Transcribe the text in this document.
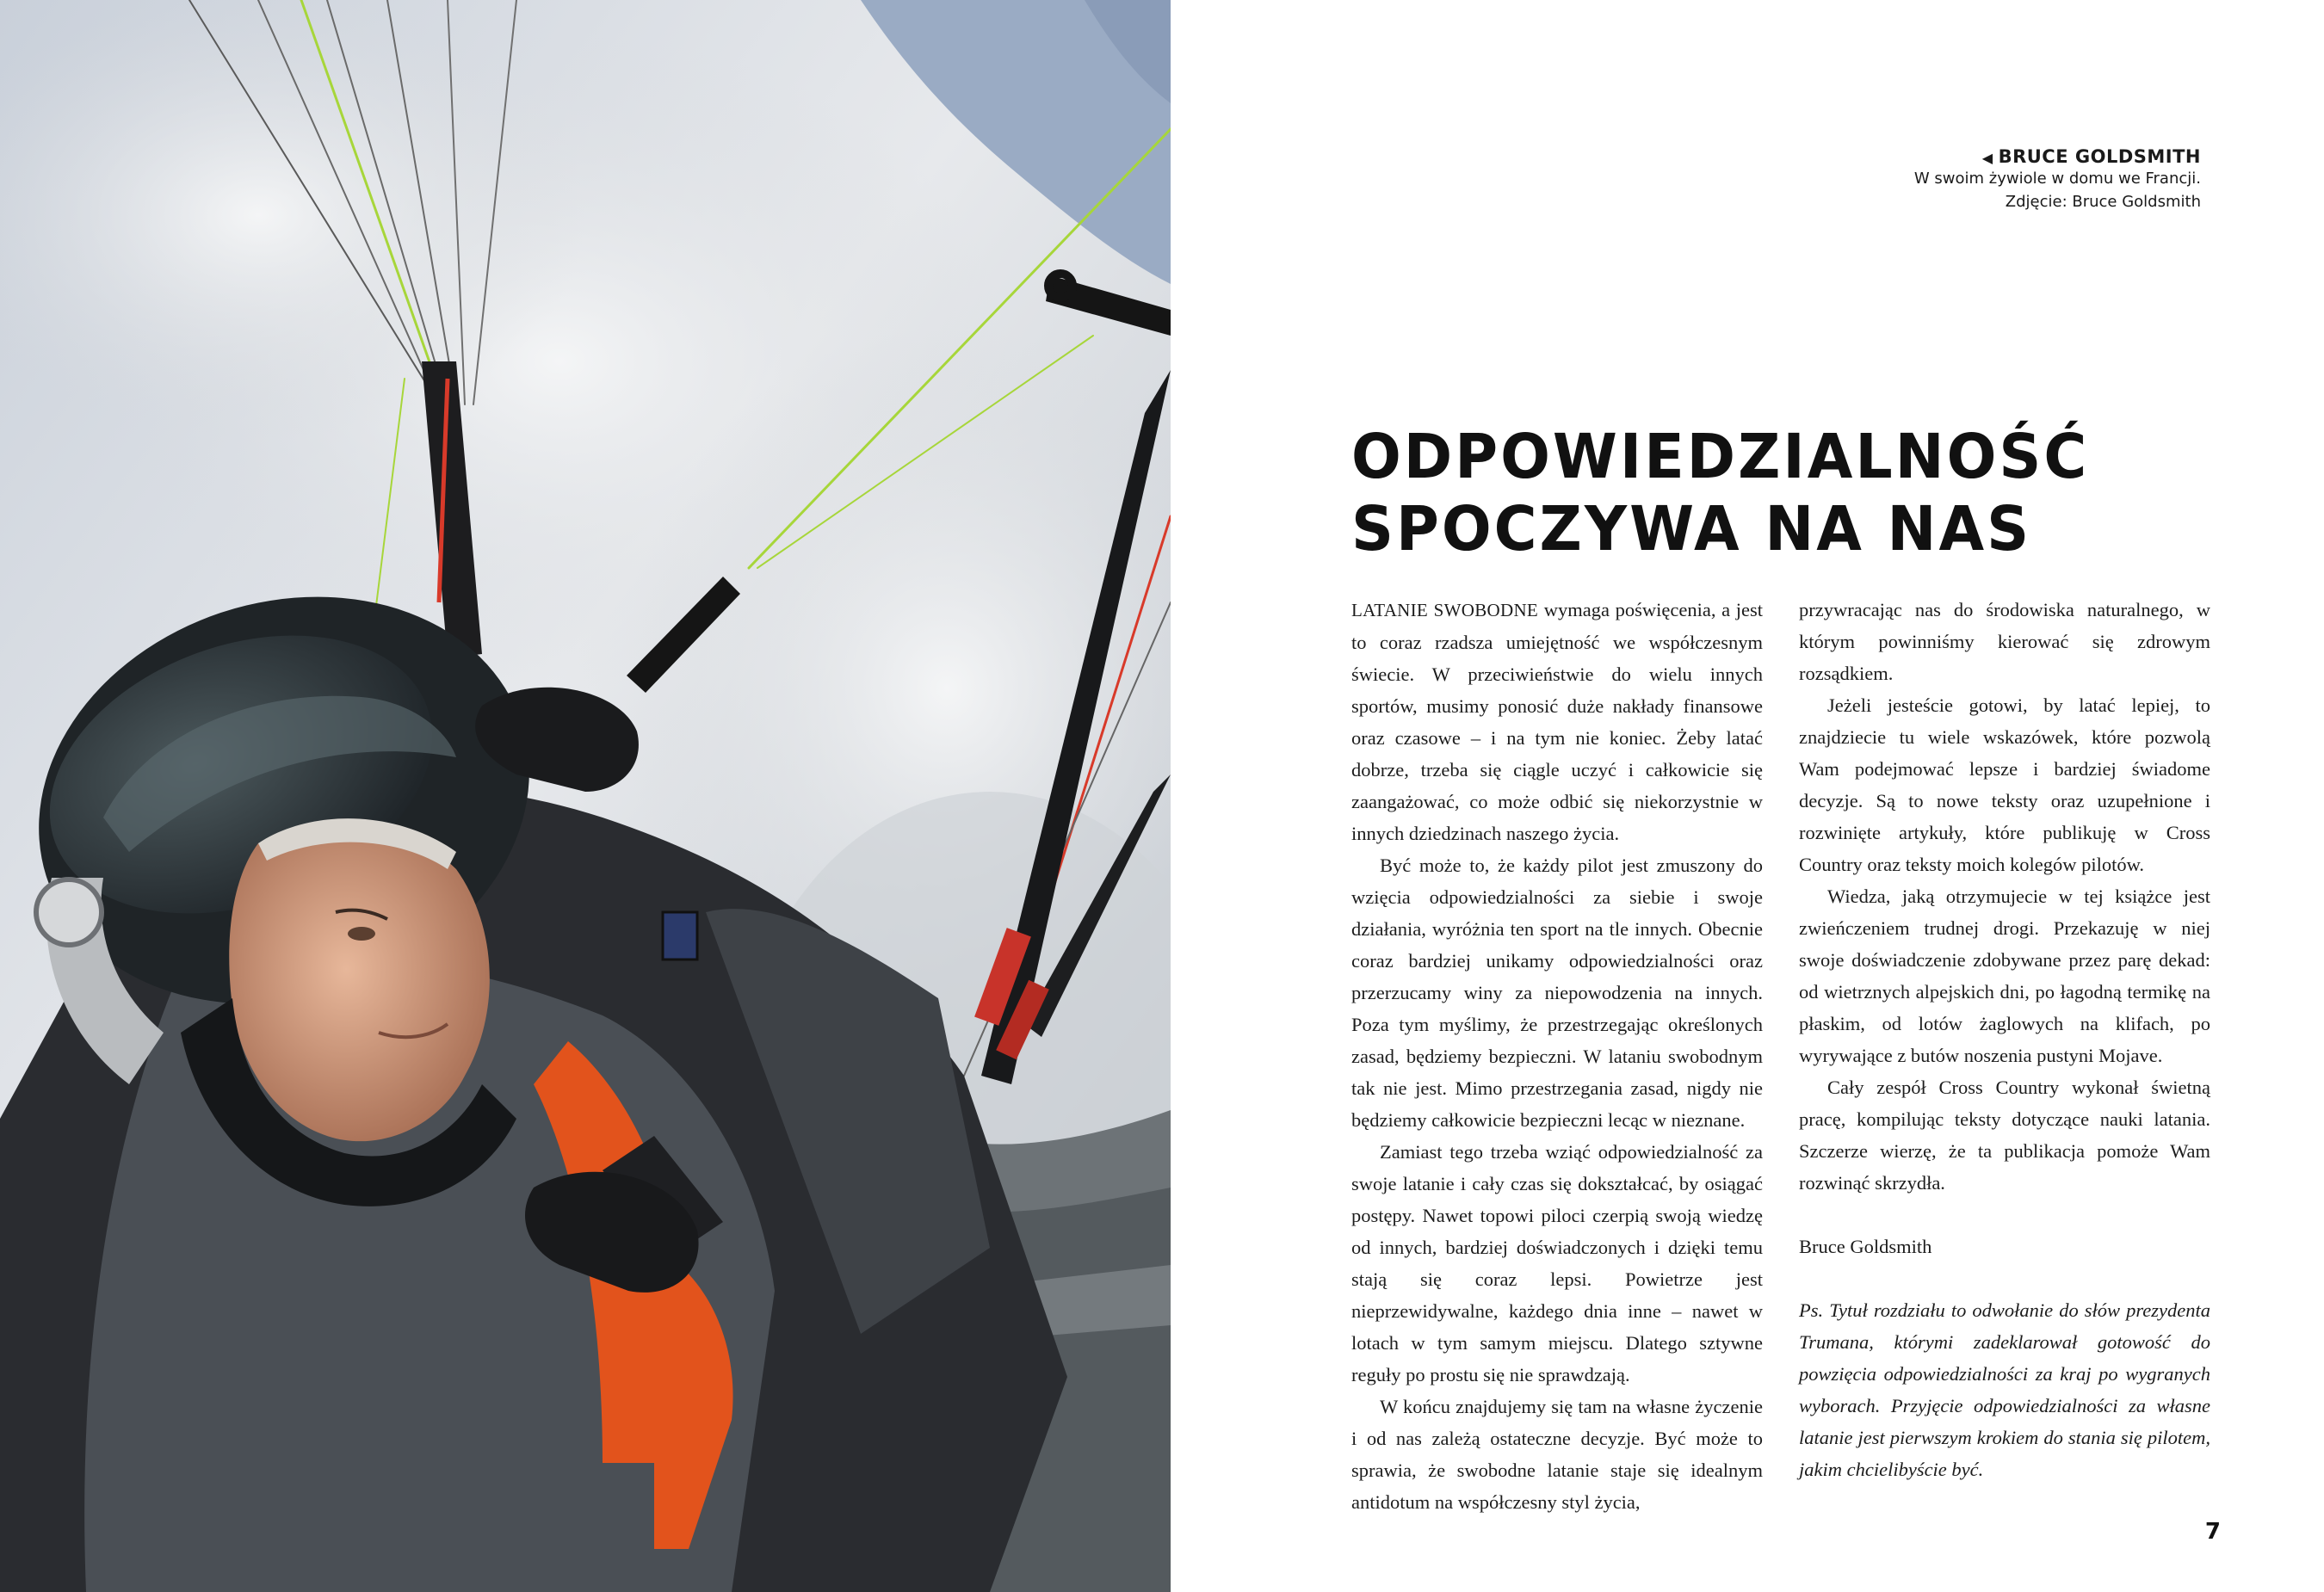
◀ BRUCE GOLDSMITH
W swoim żywiole w domu we Francji.
Zdjęcie: Bruce Goldsmith
ODPOWIEDZIALNOŚĆ
SPOCZYWA NA NAS

LATANIE SWOBODNE wymaga poświęcenia, a jest to coraz rzadsza umiejętność we współczesnym świecie. W przeciwieństwie do wielu innych sportów, musimy ponosić duże nakłady finansowe oraz czasowe – i na tym nie koniec. Żeby latać dobrze, trzeba się ciągle uczyć i całkowicie się zaangażować, co może odbić się niekorzystnie w innych dziedzinach naszego życia.

Być może to, że każdy pilot jest zmuszony do wzięcia odpowiedzialności za siebie i swoje działania, wyróżnia ten sport na tle innych. Obecnie coraz bardziej unikamy odpowiedzialności oraz przerzucamy winy za niepowodzenia na innych. Poza tym myślimy, że przestrzegając określonych zasad, będziemy bezpieczni. W lataniu swobodnym tak nie jest. Mimo przestrzegania zasad, nigdy nie będziemy całkowicie bezpieczni lecąc w nieznane.

Zamiast tego trzeba wziąć odpowiedzialność za swoje latanie i cały czas się dokształcać, by osiągać postępy. Nawet topowi piloci czerpią swoją wiedzę od innych, bardziej doświadczonych i dzięki temu stają się coraz lepsi. Powietrze jest nieprzewidywalne, każdego dnia inne – nawet w lotach w tym samym miejscu. Dlatego sztywne reguły po prostu się nie sprawdzają.

W końcu znajdujemy się tam na własne życzenie i od nas zależą ostateczne decyzje. Być może to sprawia, że swobodne latanie staje się idealnym antidotum na współczesny styl życia,

przywracając nas do środowiska naturalnego, w którym powinniśmy kierować się zdrowym rozsądkiem.

Jeżeli jesteście gotowi, by latać lepiej, to znajdziecie tu wiele wskazówek, które pozwolą Wam podejmować lepsze i bardziej świadome decyzje. Są to nowe teksty oraz uzupełnione i rozwinięte artykuły, które publikuję w Cross Country oraz teksty moich kolegów pilotów.

Wiedza, jaką otrzymujecie w tej książce jest zwieńczeniem trudnej drogi. Przekazuję w niej swoje doświadczenie zdobywane przez parę dekad: od wietrznych alpejskich dni, po łagodną termikę na płaskim, od lotów żaglowych na klifach, po wyrywające z butów noszenia pustyni Mojave.

Cały zespół Cross Country wykonał świetną pracę, kompilując teksty dotyczące nauki latania. Szczerze wierzę, że ta publikacja pomoże Wam rozwinąć skrzydła.

Bruce Goldsmith

Ps. Tytuł rozdziału to odwołanie do słów prezydenta Trumana, którymi zadeklarował gotowość do powzięcia odpowiedzialności za kraj po wygranych wyborach. Przyjęcie odpowiedzialności za własne latanie jest pierwszym krokiem do stania się pilotem, jakim chcielibyście być.

7
